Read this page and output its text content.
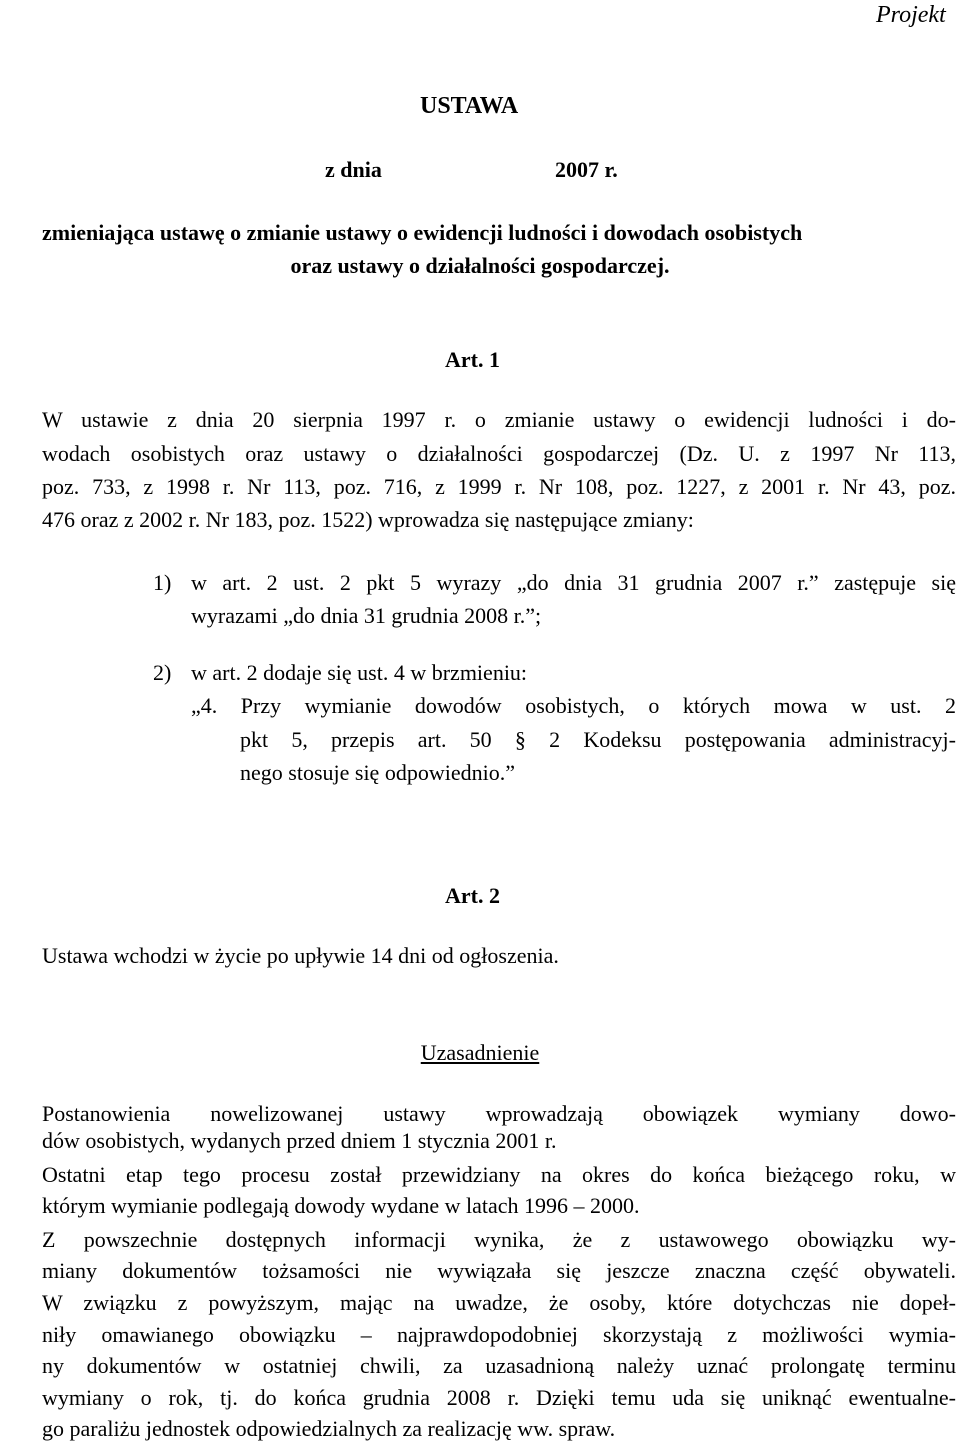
Projekt
USTAWA
z dnia	2007 r.
zmieniająca ustawę o zmianie ustawy o ewidencji ludności i dowodach osobistych
oraz ustawy o działalności gospodarczej.
Art. 1
W ustawie z dnia 20 sierpnia 1997 r. o zmianie ustawy o ewidencji ludności i do-
wodach osobistych oraz ustawy o działalności gospodarczej (Dz. U. z 1997 Nr 113,
poz. 733, z 1998 r. Nr 113, poz. 716, z 1999 r. Nr 108, poz. 1227, z 2001 r. Nr 43, poz.
476 oraz z 2002 r. Nr 183, poz. 1522) wprowadza się następujące zmiany:
1) w art. 2 ust. 2 pkt 5 wyrazy „do dnia 31 grudnia 2007 r.” zastępuje się
wyrazami „do dnia 31 grudnia 2008 r.”;
2) w art. 2 dodaje się ust. 4 w brzmieniu:
„4. Przy wymianie dowodów osobistych, o których mowa w ust. 2
pkt 5, przepis art. 50 § 2 Kodeksu postępowania administracyj-
nego stosuje się odpowiednio.”
Art. 2
Ustawa wchodzi w życie po upływie 14 dni od ogłoszenia.
Uzasadnienie
Postanowienia nowelizowanej ustawy wprowadzają obowiązek wymiany dowo-
dów osobistych, wydanych przed dniem 1 stycznia 2001 r.
Ostatni etap tego procesu został przewidziany na okres do końca bieżącego roku, w
którym wymianie podlegają dowody wydane w latach 1996 – 2000.
Z powszechnie dostępnych informacji wynika, że z ustawowego obowiązku wy-
miany dokumentów tożsamości nie wywiązała się jeszcze znaczna część obywateli.
W związku z powyższym, mając na uwadze, że osoby, które dotychczas nie dopeł-
niły omawianego obowiązku – najprawdopodobniej skorzystają z możliwości wymia-
ny dokumentów w ostatniej chwili, za uzasadnioną należy uznać prolongatę terminu
wymiany o rok, tj. do końca grudnia 2008 r. Dzięki temu uda się uniknąć ewentualne-
go paraliżu jednostek odpowiedzialnych za realizację ww. spraw.
